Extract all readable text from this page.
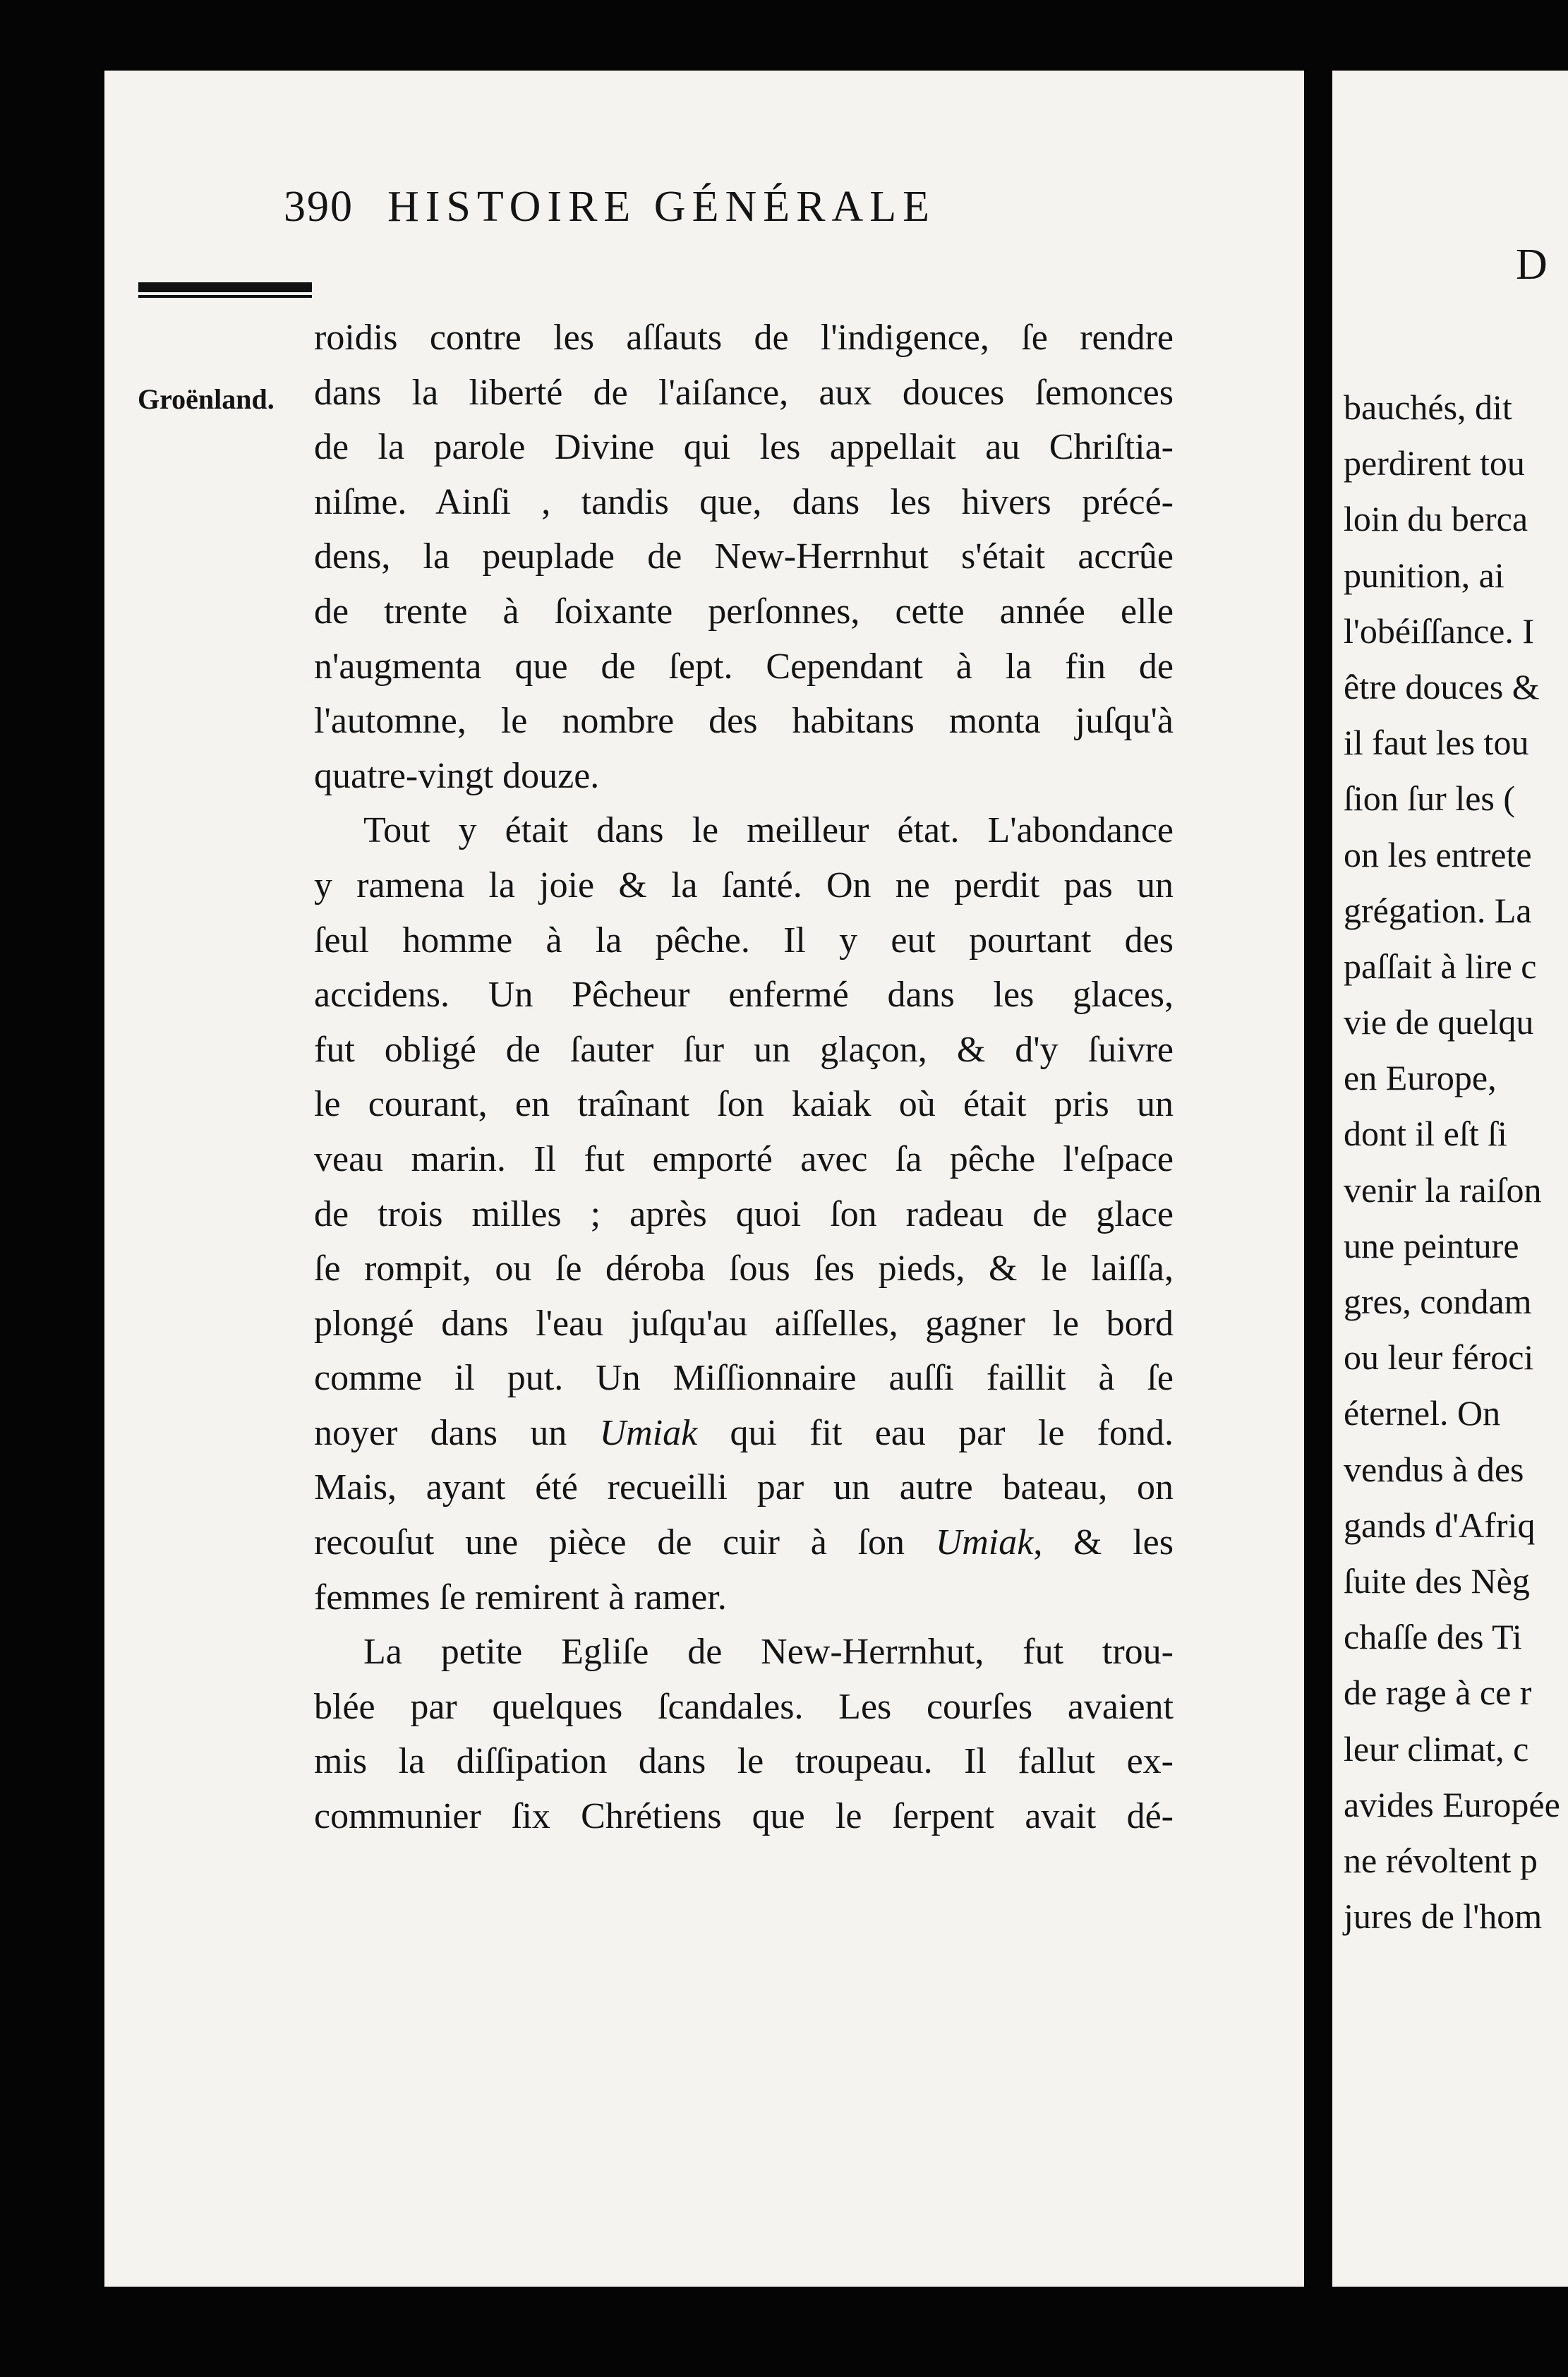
D
bauchés, dit
perdirent tou
loin du berca
punition, ai
l'obéiſſance. I
être douces &
il faut les tou
ſion ſur les (
on les entrete
grégation. La
paſſait à lire c
vie de quelqu
en Europe,
dont il eſt ſi
venir la raiſon
une peinture
gres, condam
ou leur féroci
éternel. On
vendus à des
gands d'Afriq
ſuite des Nèg
chaſſe des Ti
de rage à ce r
leur climat, c
avides Europée
ne révoltent p
jures de l'hom
390 HISTOIRE GÉNÉRALE
Groënland.
roidis contre les aſſauts de l'indigence, ſe rendre
dans la liberté de l'aiſance, aux douces ſemonces
de la parole Divine qui les appellait au Chriſtia-
niſme. Ainſi , tandis que, dans les hivers précé-
dens, la peuplade de New-Herrnhut s'était accrûe
de trente à ſoixante perſonnes, cette année elle
n'augmenta que de ſept. Cependant à la fin de
l'automne, le nombre des habitans monta juſqu'à
quatre-vingt douze.
Tout y était dans le meilleur état. L'abondance
y ramena la joie & la ſanté. On ne perdit pas un
ſeul homme à la pêche. Il y eut pourtant des
accidens. Un Pêcheur enfermé dans les glaces,
fut obligé de ſauter ſur un glaçon, & d'y ſuivre
le courant, en traînant ſon kaiak où était pris un
veau marin. Il fut emporté avec ſa pêche l'eſpace
de trois milles ; après quoi ſon radeau de glace
ſe rompit, ou ſe déroba ſous ſes pieds, & le laiſſa,
plongé dans l'eau juſqu'au aiſſelles, gagner le bord
comme il put. Un Miſſionnaire auſſi faillit à ſe
noyer dans un Umiak qui fit eau par le fond.
Mais, ayant été recueilli par un autre bateau, on
recouſut une pièce de cuir à ſon Umiak, & les
femmes ſe remirent à ramer.
La petite Egliſe de New-Herrnhut, fut trou-
blée par quelques ſcandales. Les courſes avaient
mis la diſſipation dans le troupeau. Il fallut ex-
communier ſix Chrétiens que le ſerpent avait dé-
